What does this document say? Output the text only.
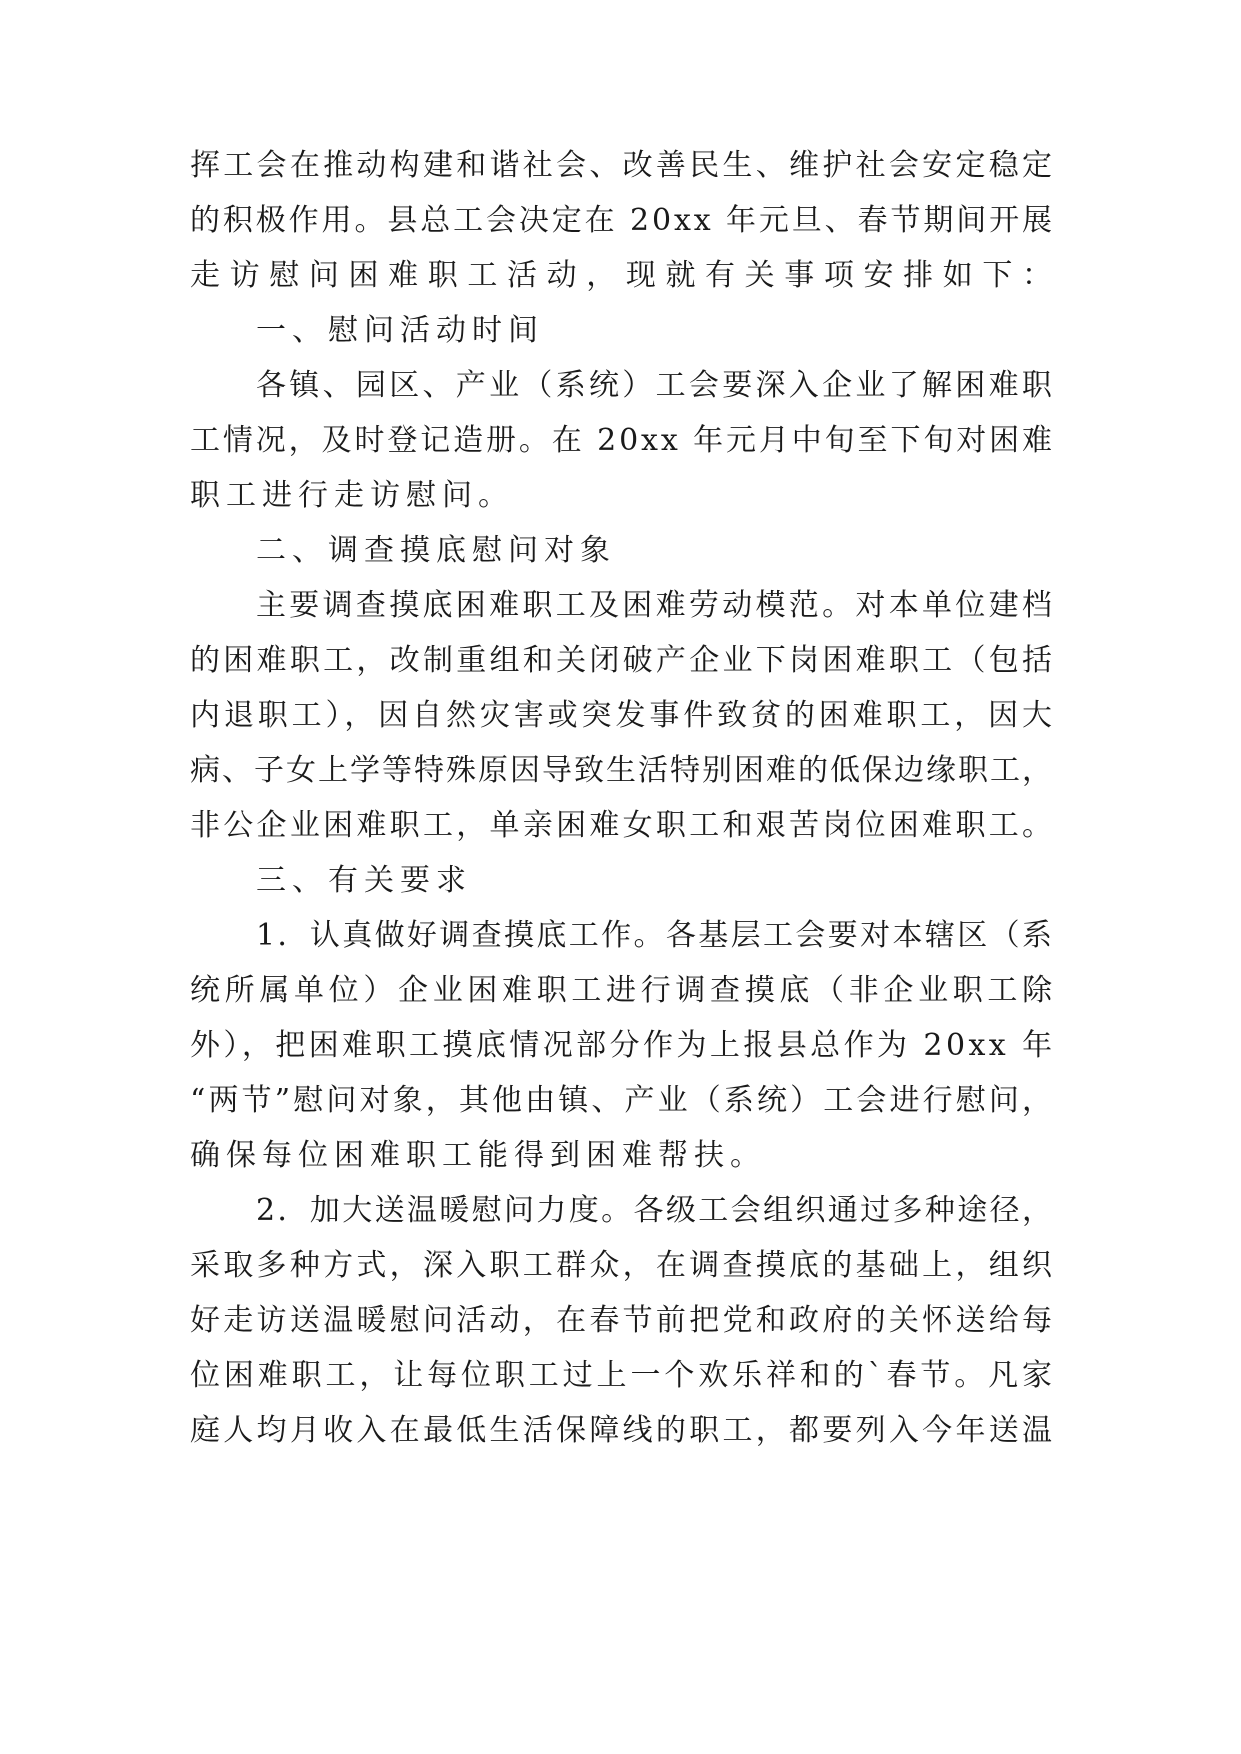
挥工会在推动构建和谐社会、改善民生、维护社会安定稳定
的积极作用。县总工会决定在 20xx 年元旦、春节期间开展
走访慰问困难职工活动，现就有关事项安排如下：
一、慰问活动时间
各镇、园区、产业（系统）工会要深入企业了解困难职
工情况，及时登记造册。在 20xx 年元月中旬至下旬对困难
职工进行走访慰问。
二、调查摸底慰问对象
主要调查摸底困难职工及困难劳动模范。对本单位建档
的困难职工，改制重组和关闭破产企业下岗困难职工（包括
内退职工），因自然灾害或突发事件致贫的困难职工，因大
病、子女上学等特殊原因导致生活特别困难的低保边缘职工，
非公企业困难职工，单亲困难女职工和艰苦岗位困难职工。
三、有关要求
1．认真做好调查摸底工作。各基层工会要对本辖区（系
统所属单位）企业困难职工进行调查摸底（非企业职工除
外），把困难职工摸底情况部分作为上报县总作为 20xx 年
“两节”慰问对象，其他由镇、产业（系统）工会进行慰问，
确保每位困难职工能得到困难帮扶。
2．加大送温暖慰问力度。各级工会组织通过多种途径，
采取多种方式，深入职工群众，在调查摸底的基础上，组织
好走访送温暖慰问活动，在春节前把党和政府的关怀送给每
位困难职工，让每位职工过上一个欢乐祥和的`春节。凡家
庭人均月收入在最低生活保障线的职工，都要列入今年送温
